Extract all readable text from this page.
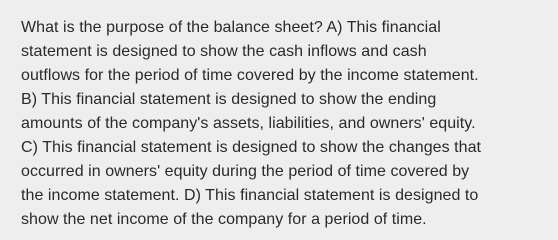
What is the purpose of the balance sheet? A) This financial
statement is designed to show the cash inflows and cash
outflows for the period of time covered by the income statement.
B) This financial statement is designed to show the ending
amounts of the company's assets, liabilities, and owners' equity.
C) This financial statement is designed to show the changes that
occurred in owners' equity during the period of time covered by
the income statement. D) This financial statement is designed to
show the net income of the company for a period of time.
